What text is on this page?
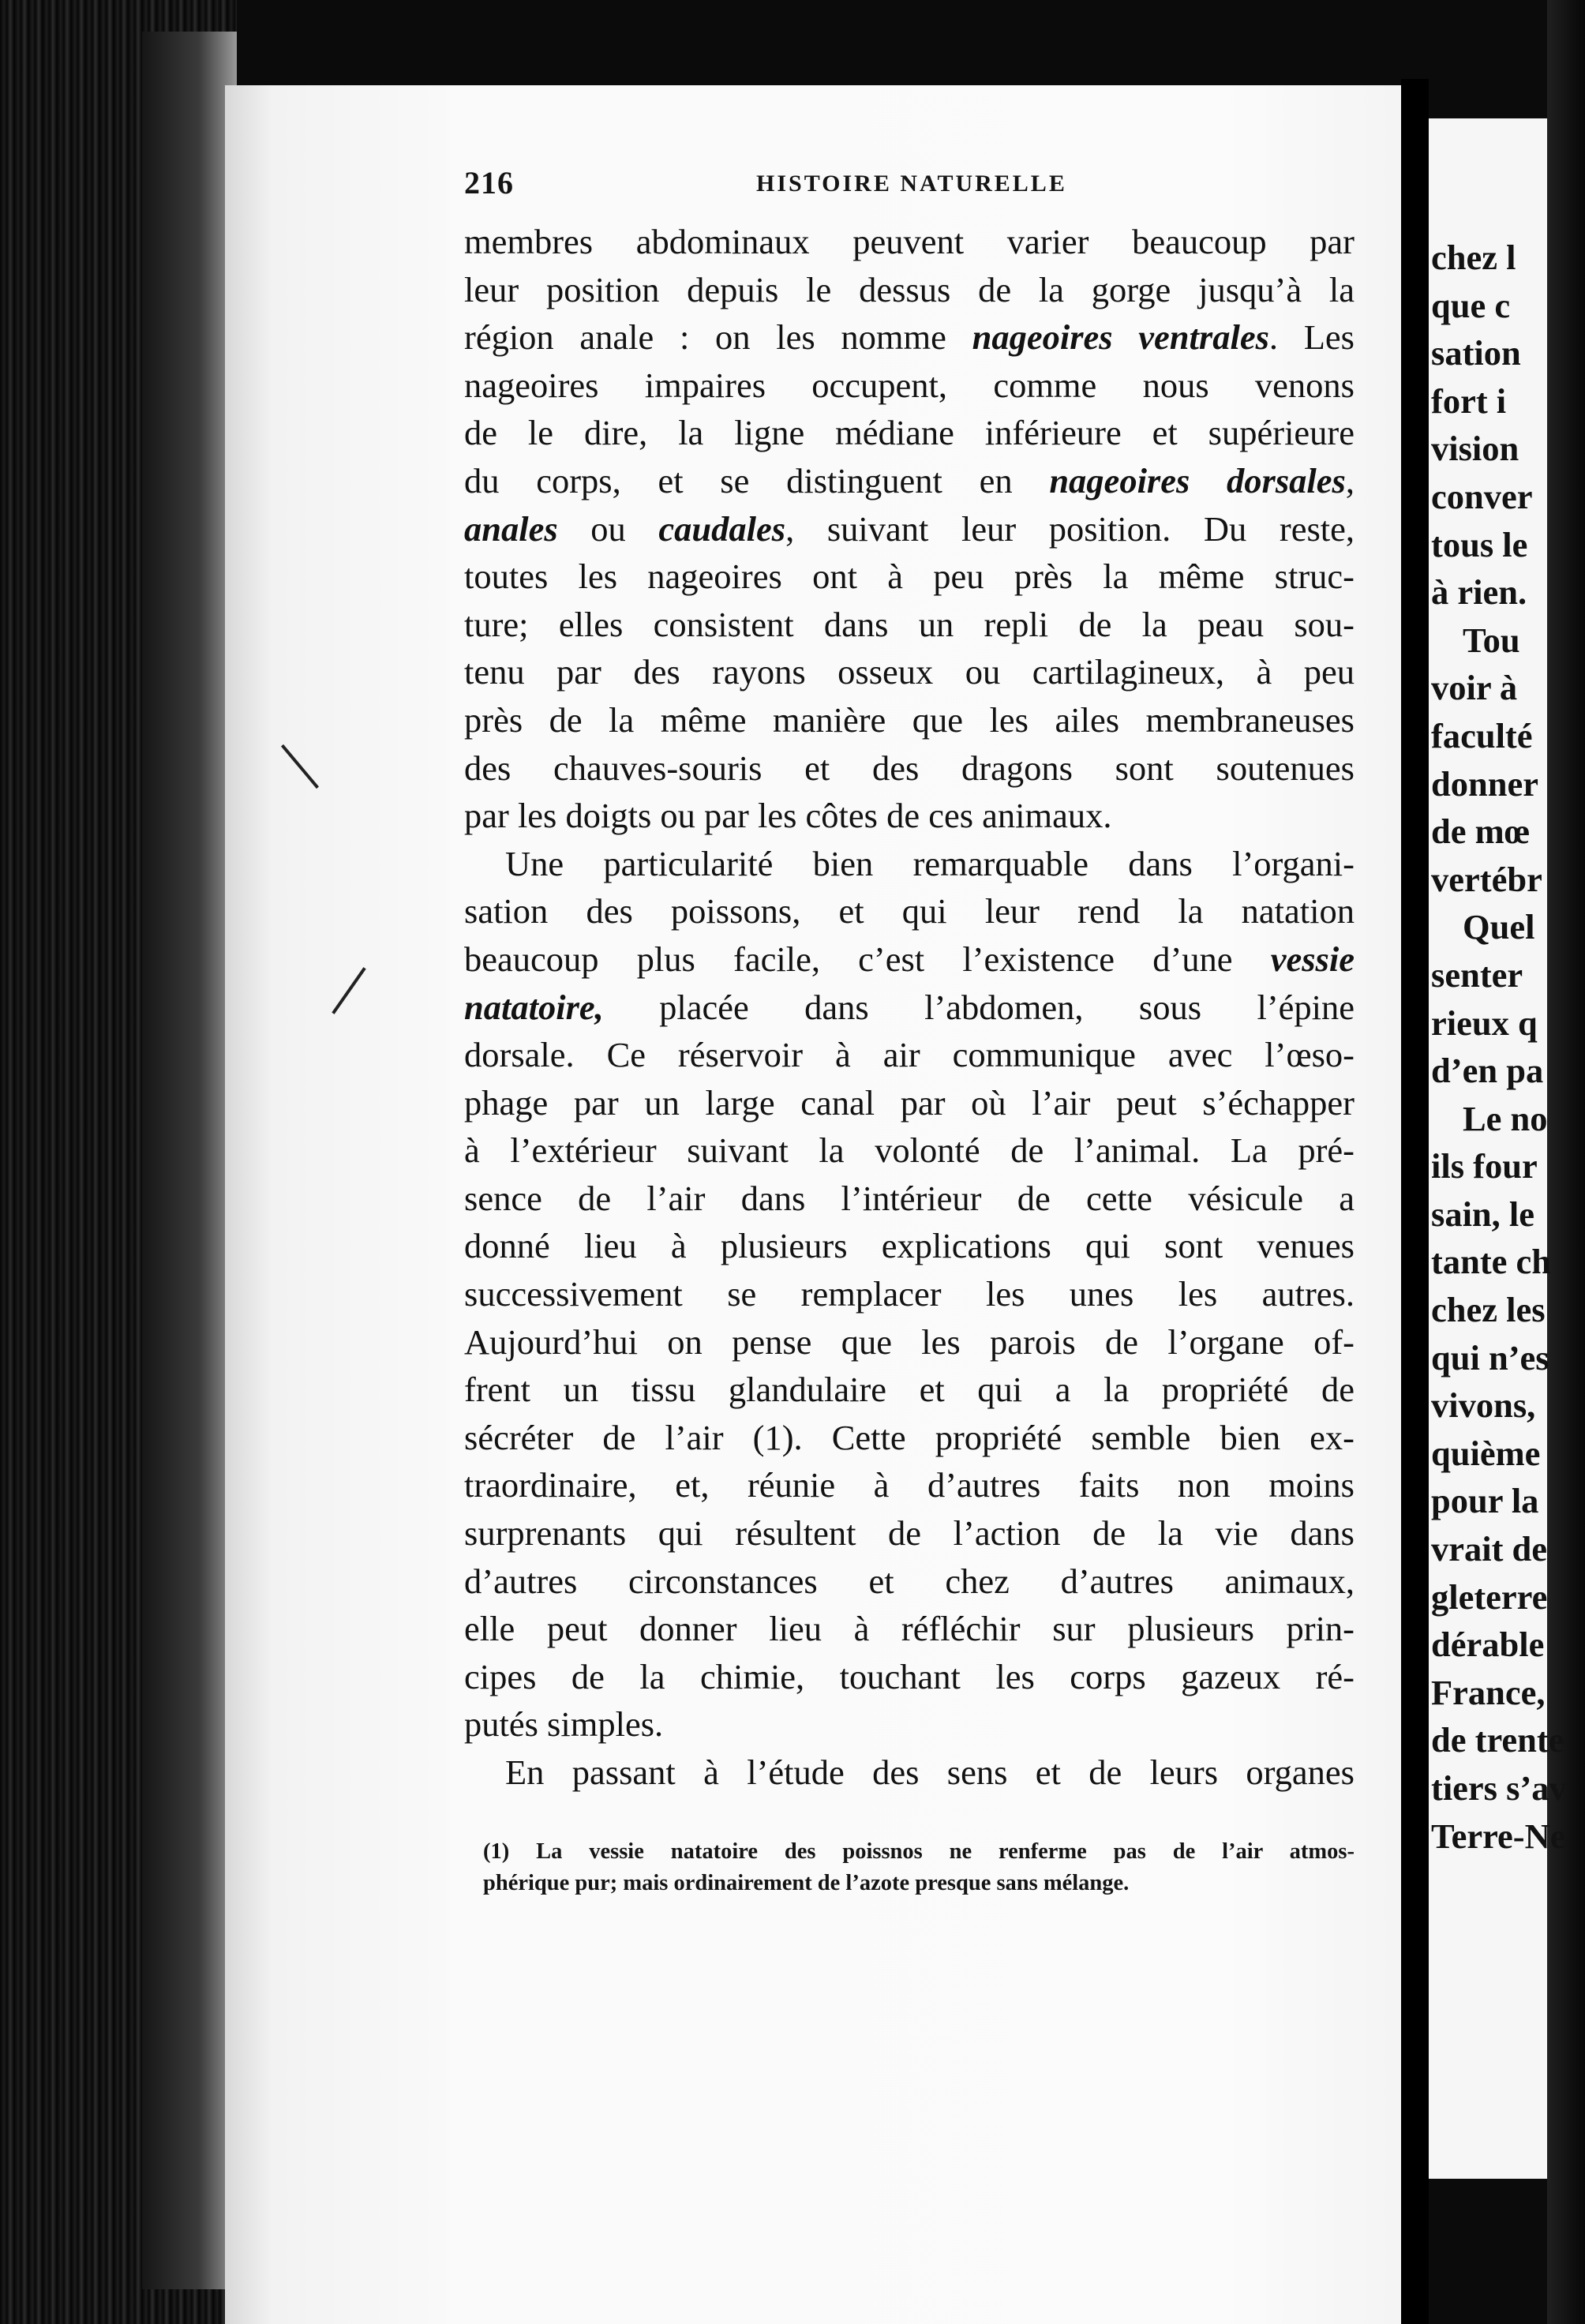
216	HISTOIRE NATURELLE
membres abdominaux peuvent varier beaucoup par
leur position depuis le dessus de la gorge jusqu’à la
région anale : on les nomme nageoires ventrales. Les
nageoires impaires occupent, comme nous venons
de le dire, la ligne médiane inférieure et supérieure
du corps, et se distinguent en nageoires dorsales,
anales ou caudales, suivant leur position. Du reste,
toutes les nageoires ont à peu près la même struc-
ture; elles consistent dans un repli de la peau sou-
tenu par des rayons osseux ou cartilagineux, à peu
près de la même manière que les ailes membraneuses
des chauves-souris et des dragons sont soutenues
par les doigts ou par les côtes de ces animaux.
Une particularité bien remarquable dans l’organi-
sation des poissons, et qui leur rend la natation
beaucoup plus facile, c’est l’existence d’une vessie
natatoire, placée dans l’abdomen, sous l’épine
dorsale. Ce réservoir à air communique avec l’œso-
phage par un large canal par où l’air peut s’échapper
à l’extérieur suivant la volonté de l’animal. La pré-
sence de l’air dans l’intérieur de cette vésicule a
donné lieu à plusieurs explications qui sont venues
successivement se remplacer les unes les autres.
Aujourd’hui on pense que les parois de l’organe of-
frent un tissu glandulaire et qui a la propriété de
sécréter de l’air (1). Cette propriété semble bien ex-
traordinaire, et, réunie à d’autres faits non moins
surprenants qui résultent de l’action de la vie dans
d’autres circonstances et chez d’autres animaux,
elle peut donner lieu à réfléchir sur plusieurs prin-
cipes de la chimie, touchant les corps gazeux ré-
putés simples.
En passant à l’étude des sens et de leurs organes
(1) La vessie natatoire des poissnos ne renferme pas de l’air atmos-
phérique pur; mais ordinairement de l’azote presque sans mélange.
chez l
que c
sation
fort i
vision
conver
tous le
à rien.
Tou
voir à
faculté
donner
de mœ
vertébr
Quel
senter
rieux q
d’en pa
Le no
ils four
sain, le
tante ch
chez les
qui n’es
vivons,
quième
pour la
vrait de
gleterre
dérable
France,
de trente
tiers s’av
Terre-Ne
